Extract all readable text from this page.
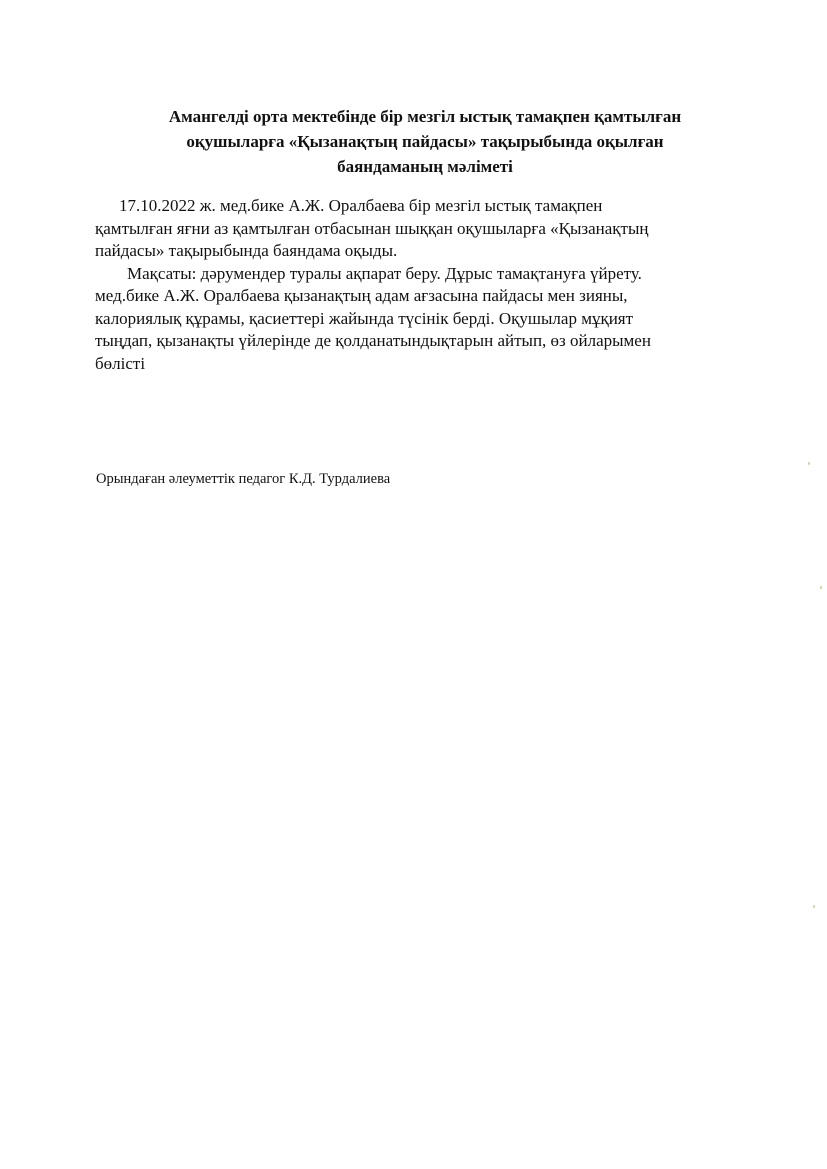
Амангелді орта мектебінде бір мезгіл ыстық тамақпен қамтылған
оқушыларға «Қызанақтың пайдасы» тақырыбында оқылған
баяндаманың мәліметі

17.10.2022 ж. мед.бике А.Ж. Оралбаева бір мезгіл ыстық тамақпен
қамтылған яғни аз қамтылған отбасынан шыққан оқушыларға «Қызанақтың
пайдасы» тақырыбында баяндама оқыды.

Мақсаты: дәрумендер туралы ақпарат беру. Дұрыс тамақтануға үйрету.
мед.бике А.Ж. Оралбаева қызанақтың адам ағзасына пайдасы мен зияны,
калориялық құрамы, қасиеттері жайында түсінік берді. Оқушылар мұқият
тыңдап, қызанақты үйлерінде де қолданатындықтарын айтып, өз ойларымен
бөлісті

Орындаған әлеуметтік педагог К.Д. Турдалиева
